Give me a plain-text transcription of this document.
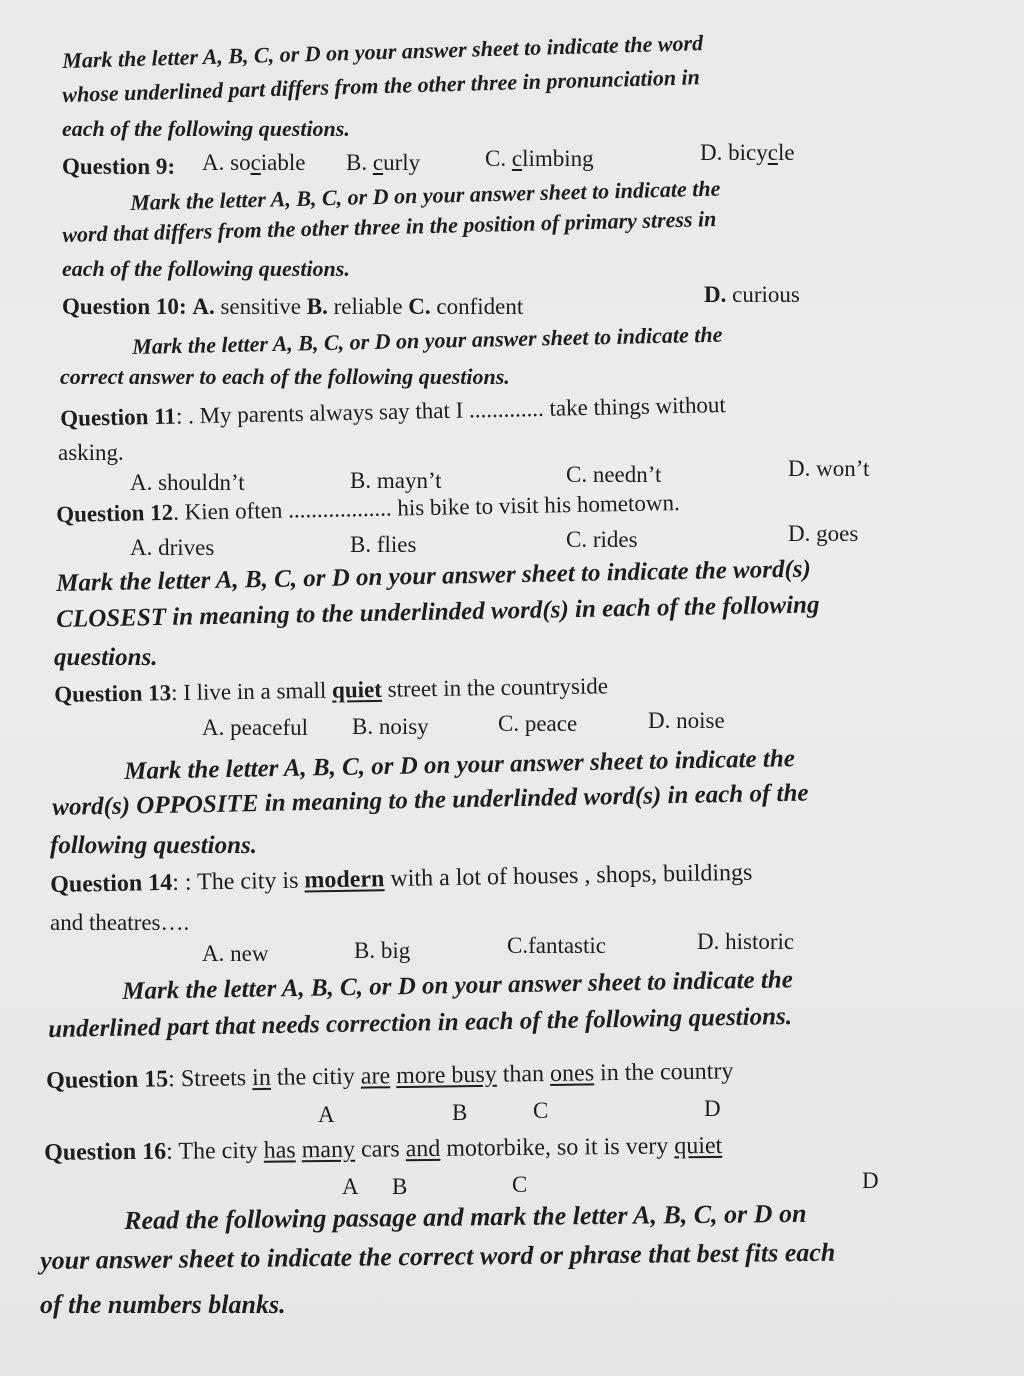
Mark the letter A, B, C, or D on your answer sheet to indicate the word
whose underlined part differs from the other three in pronunciation in
each of the following questions.
Question 9: A. sociable B. curly	C. climbing	D. bicycle
Mark the letter A, B, C, or D on your answer sheet to indicate the
word that differs from the other three in the position of primary stress in
each of the following questions.
Question 10: A. sensitive B. reliable C. confident	D. curious
Mark the letter A, B, C, or D on your answer sheet to indicate the
correct answer to each of the following questions.
Question 11: . My parents always say that I ............. take things without
asking.
A. shouldn’t	B. mayn’t	C. needn’t	D. won’t
Question 12. Kien often .................. his bike to visit his hometown.
A. drives	B. flies	C. rides	D. goes
Mark the letter A, B, C, or D on your answer sheet to indicate the word(s)
CLOSEST in meaning to the underlinded word(s) in each of the following
questions.
Question 13: I live in a small quiet street in the countryside
A. peaceful B. noisy	C. peace	D. noise
Mark the letter A, B, C, or D on your answer sheet to indicate the
word(s) OPPOSITE in meaning to the underlinded word(s) in each of the
following questions.
Question 14: : The city is modern with a lot of houses , shops, buildings
and theatres….
A. new	B. big	C.fantastic	D. historic
Mark the letter A, B, C, or D on your answer sheet to indicate the
underlined part that needs correction in each of the following questions.
Question 15: Streets in the citiy are more busy than ones in the country
A	B	C	D
Question 16: The city has many cars and motorbike, so it is very quiet
A B	C	D
Read the following passage and mark the letter A, B, C, or D on
your answer sheet to indicate the correct word or phrase that best fits each
of the numbers blanks.
